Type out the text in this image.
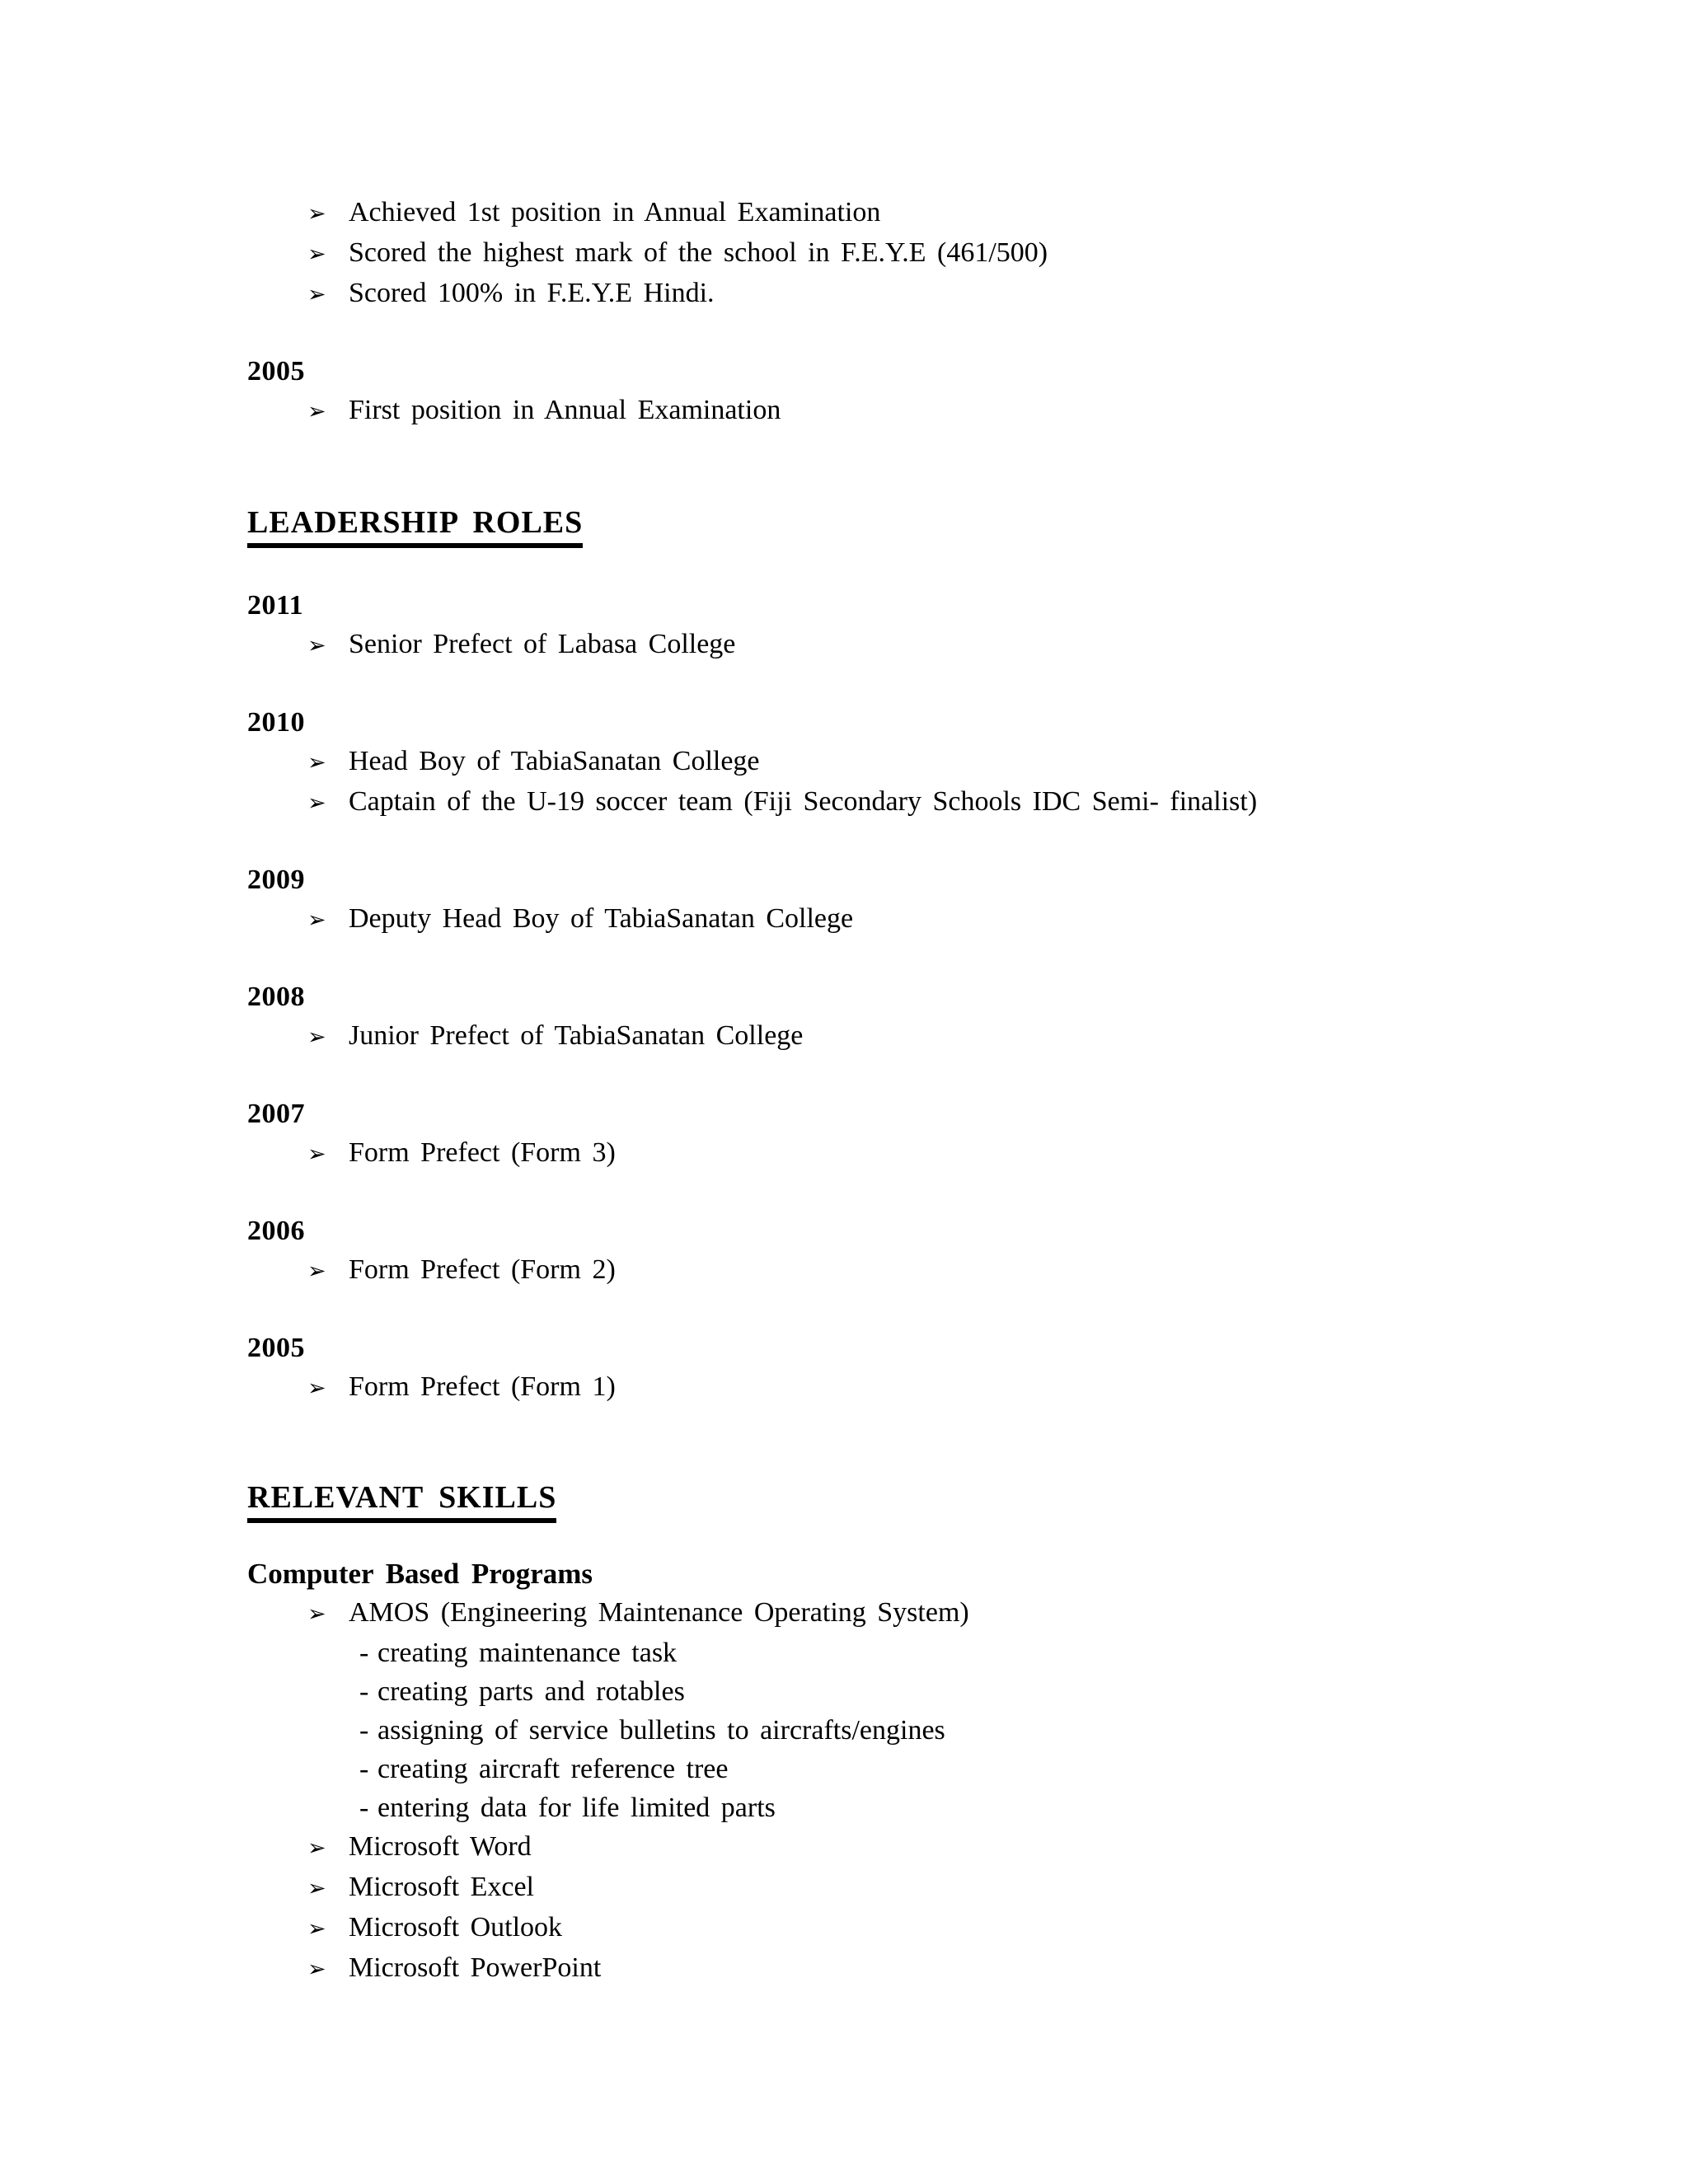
➢ Achieved 1st position in Annual Examination
➢ Scored the highest mark of the school in F.E.Y.E (461/500)
➢ Scored 100% in F.E.Y.E Hindi.
2005
➢ First position in Annual Examination
LEADERSHIP ROLES
2011
➢ Senior Prefect of Labasa College
2010
➢ Head Boy of TabiaSanatan College
➢ Captain of the U-19 soccer team (Fiji Secondary Schools IDC Semi- finalist)
2009
➢ Deputy Head Boy of TabiaSanatan College
2008
➢ Junior Prefect of TabiaSanatan College
2007
➢ Form Prefect (Form 3)
2006
➢ Form Prefect (Form 2)
2005
➢ Form Prefect (Form 1)
RELEVANT SKILLS
Computer Based Programs
➢ AMOS (Engineering Maintenance Operating System)
- creating maintenance task
- creating parts and rotables
- assigning of service bulletins to aircrafts/engines
- creating aircraft reference tree
- entering data for life limited parts
➢ Microsoft Word
➢ Microsoft Excel
➢ Microsoft Outlook
➢ Microsoft PowerPoint
